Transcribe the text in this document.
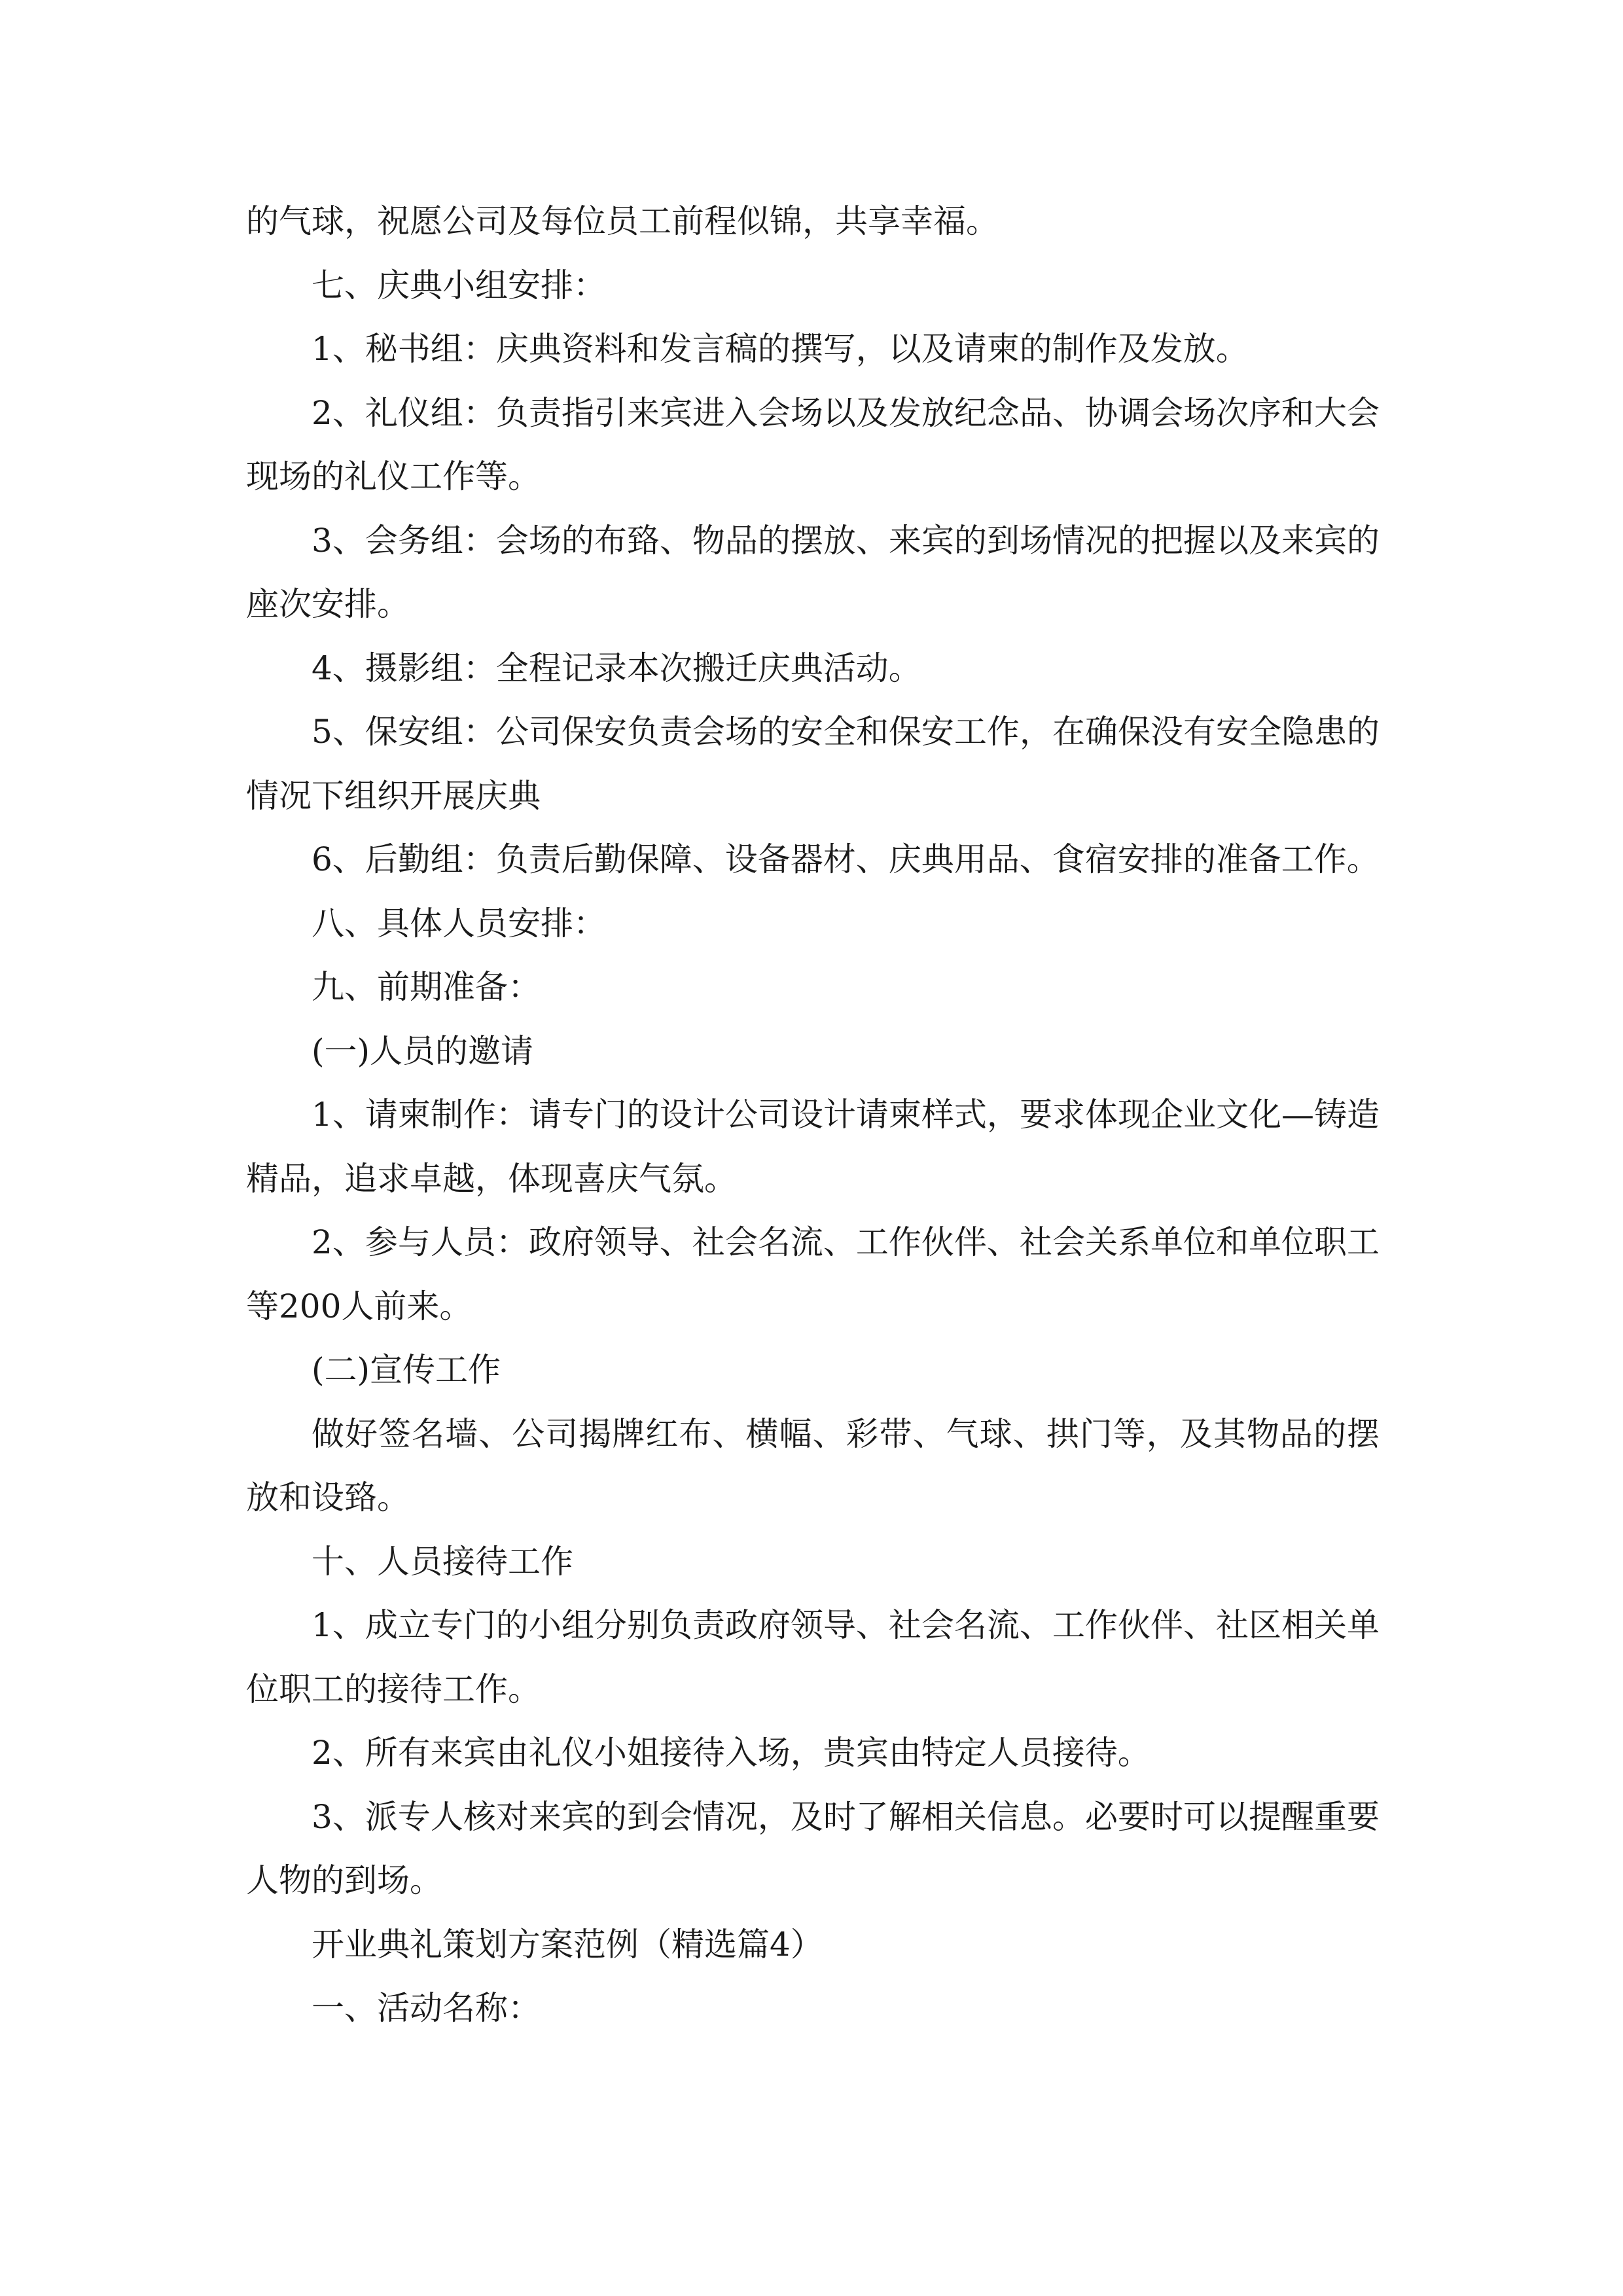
的气球，祝愿公司及每位员工前程似锦，共享幸福。

七、庆典小组安排：

1、秘书组：庆典资料和发言稿的撰写，以及请柬的制作及发放。

2、礼仪组：负责指引来宾进入会场以及发放纪念品、协调会场次序和大会现场的礼仪工作等。

3、会务组：会场的布臵、物品的摆放、来宾的到场情况的把握以及来宾的座次安排。

4、摄影组：全程记录本次搬迁庆典活动。

5、保安组：公司保安负责会场的安全和保安工作，在确保没有安全隐患的情况下组织开展庆典

6、后勤组：负责后勤保障、设备器材、庆典用品、食宿安排的准备工作。

八、具体人员安排：

九、前期准备：

(一)人员的邀请

1、请柬制作：请专门的设计公司设计请柬样式，要求体现企业文化—铸造精品，追求卓越，体现喜庆气氛。

2、参与人员：政府领导、社会名流、工作伙伴、社会关系单位和单位职工等200人前来。

(二)宣传工作

做好签名墙、公司揭牌红布、横幅、彩带、气球、拱门等，及其物品的摆放和设臵。

十、人员接待工作

1、成立专门的小组分别负责政府领导、社会名流、工作伙伴、社区相关单位职工的接待工作。

2、所有来宾由礼仪小姐接待入场，贵宾由特定人员接待。

3、派专人核对来宾的到会情况，及时了解相关信息。必要时可以提醒重要人物的到场。

开业典礼策划方案范例（精选篇4）

一、活动名称：
